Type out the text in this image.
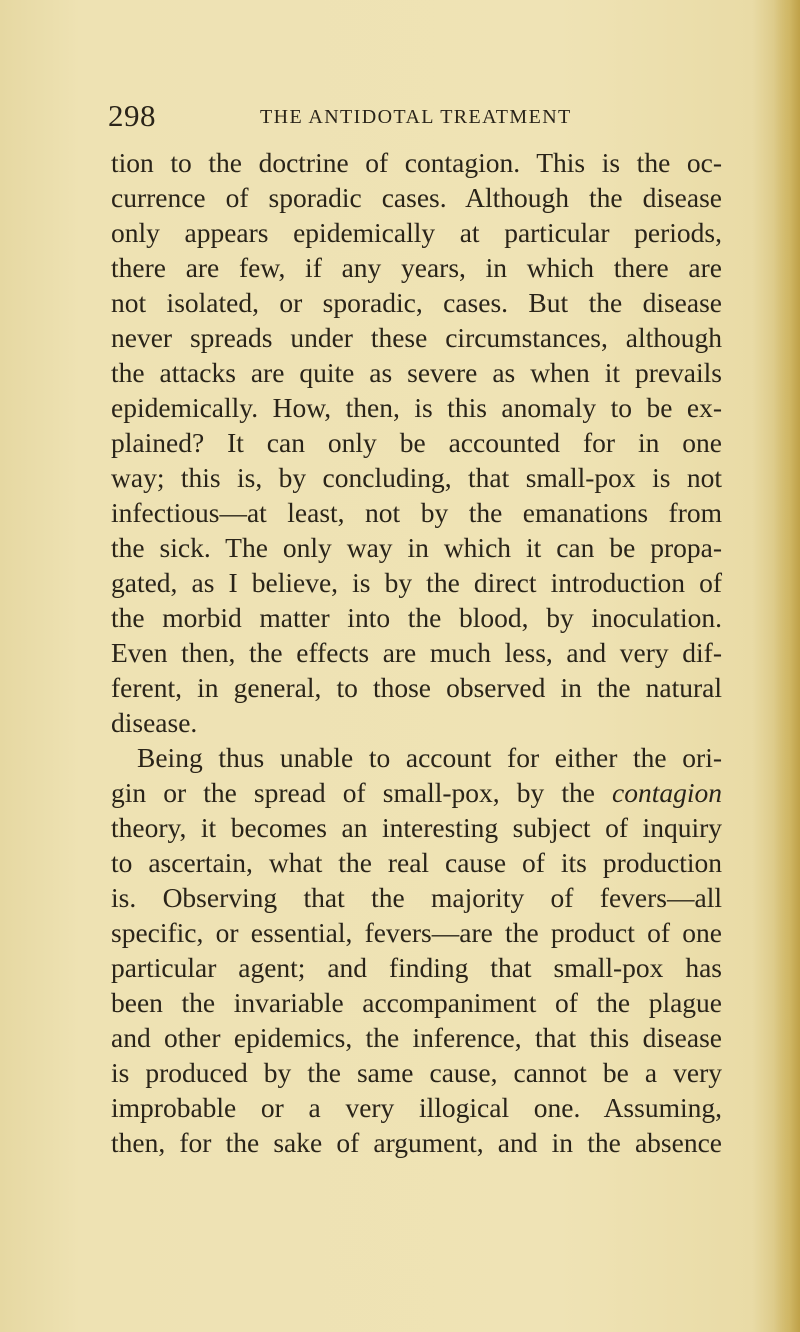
298	THE ANTIDOTAL TREATMENT
tion to the doctrine of contagion. This is the oc-
currence of sporadic cases. Although the disease
only appears epidemically at particular periods,
there are few, if any years, in which there are
not isolated, or sporadic, cases. But the disease
never spreads under these circumstances, although
the attacks are quite as severe as when it prevails
epidemically. How, then, is this anomaly to be ex-
plained? It can only be accounted for in one
way; this is, by concluding, that small-pox is not
infectious—at least, not by the emanations from
the sick. The only way in which it can be propa-
gated, as I believe, is by the direct introduction of
the morbid matter into the blood, by inoculation.
Even then, the effects are much less, and very dif-
ferent, in general, to those observed in the natural
disease.
Being thus unable to account for either the ori-
gin or the spread of small-pox, by the contagion
theory, it becomes an interesting subject of inquiry
to ascertain, what the real cause of its production
is. Observing that the majority of fevers—all
specific, or essential, fevers—are the product of one
particular agent; and finding that small-pox has
been the invariable accompaniment of the plague
and other epidemics, the inference, that this disease
is produced by the same cause, cannot be a very
improbable or a very illogical one. Assuming,
then, for the sake of argument, and in the absence
